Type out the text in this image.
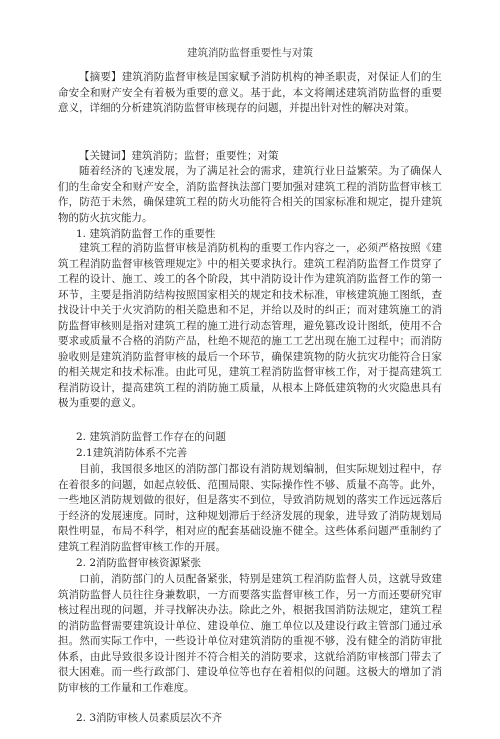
建筑消防监督重要性与对策

【摘要】建筑消防监督审核是国家赋予消防机构的神圣职责，对保证人们的生命安全和财产安全有着极为重要的意义。基于此，本文将阐述建筑消防监督的重要意义，详细的分析建筑消防监督审核现存的问题，并提出针对性的解决对策。

【关键词】建筑消防；监督；重要性；对策

随着经济的飞速发展，为了满足社会的需求，建筑行业日益繁荣。为了确保人们的生命安全和财产安全，消防监督执法部门要加强对建筑工程的消防监督审核工作，防范于未然，确保建筑工程的防火功能符合相关的国家标准和规定，提升建筑物的防火抗灾能力。

1. 建筑消防监督工作的重要性

建筑工程的消防监督审核是消防机构的重要工作内容之一，必须严格按照《建筑工程消防监督审核管理规定》中的相关要求执行。建筑工程消防监督工作贯穿了工程的设计、施工、竣工的各个阶段，其中消防设计作为建筑消防监督工作的第一环节，主要是指消防结构按照国家相关的规定和技术标准，审核建筑施工图纸，查找设计中关于火灾消防的相关隐患和不足，并给以及时的纠正；而对建筑施工的消防监督审核则是指对建筑工程的施工进行动态管理，避免篡改设计图纸，使用不合要求或质量不合格的消防产品，杜绝不规范的施工工艺出现在施工过程中；而消防验收则是建筑消防监督审核的最后一个环节，确保建筑物的防火抗灾功能符合日家的相关规定和技术标准。由此可见，建筑工程消防监督审核工作，对于提高建筑工程消防设计，提高建筑工程的消防施工质量，从根本上降低建筑物的火灾隐患具有极为重要的意义。

2. 建筑消防监督工作存在的问题

2.1建筑消防体系不完善

目前，我国很多地区的消防部门都设有消防规划编制，但实际规划过程中，存在着很多的问题，如起点较低、范围局限、实际操作性不够、质量不高等。此外，一些地区消防规划做的很好，但是落实不到位，导致消防规划的落实工作远远落后于经济的发展速度。同时，这种规划滞后于经济发展的现象，进导致了消防规划局限性明显，布局不科学，相对应的配套基础设施不健全。这些体系问题严重制约了建筑工程消防监督审核工作的开展。

2. 2消防监督审核资源紧张

口前，消防部门的人员配备紧张，特别是建筑工程消防监督人员，这就导致建筑消防监督人员往往身兼数职，一方而要落实监督审核工作，另一方而还要研究审核过程出现的问题，并寻找解决办法。除此之外，根据我国消防法规定，建筑工程的消防监督需要建筑设计单位、建设单位、施工单位以及建设行政主管部门通过承担。然而实际工作中，一些设计单位对建筑消防的重视不够，没有健全的消防审批体系，由此导致很多设计图并不符合相关的消防要求，这就给消防审核部门带去了很大困难。而一些行政部门、建设单位等也存在着相似的问题。这极大的增加了消防审核的工作量和工作难度。

2. 3消防审核人员素质层次不齐
